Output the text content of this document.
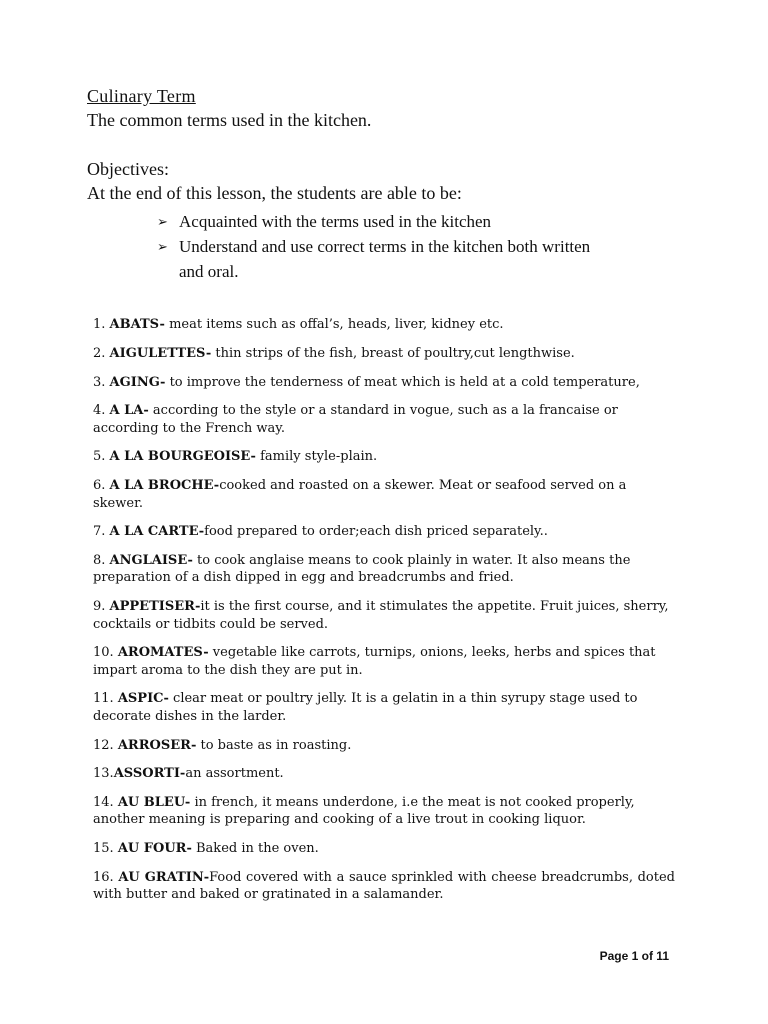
Culinary Term
The common terms used in the kitchen.
Objectives:
At the end of this lesson, the students are able to be:
➢ Acquainted with the terms used in the kitchen
➢ Understand and use correct terms in the kitchen both written and oral.
1. ABATS- meat items such as offal’s, heads, liver, kidney etc.
2. AIGULETTES- thin strips of the fish, breast of poultry,cut lengthwise.
3. AGING- to improve the tenderness of meat which is held at a cold temperature,
4. A LA- according to the style or a standard in vogue, such as a la francaise or according to the French way.
5. A LA BOURGEOISE- family style-plain.
6. A LA BROCHE-cooked and roasted on a skewer. Meat or seafood served on a skewer.
7. A LA CARTE-food prepared to order;each dish priced separately..
8. ANGLAISE- to cook anglaise means to cook plainly in water. It also means the preparation of a dish dipped in egg and breadcrumbs and fried.
9. APPETISER-it is the first course, and it stimulates the appetite. Fruit juices, sherry, cocktails or tidbits could be served.
10. AROMATES- vegetable like carrots, turnips, onions, leeks, herbs and spices that impart aroma to the dish they are put in.
11. ASPIC- clear meat or poultry jelly. It is a gelatin in a thin syrupy stage used to decorate dishes in the larder.
12. ARROSER- to baste as in roasting.
13.ASSORTI-an assortment.
14. AU BLEU- in french, it means underdone, i.e the meat is not cooked properly, another meaning is preparing and cooking of a live trout in cooking liquor.
15. AU FOUR- Baked in the oven.
16. AU GRATIN-Food covered with a sauce sprinkled with cheese breadcrumbs, doted with butter and baked or gratinated in a salamander.
Page 1 of 11
